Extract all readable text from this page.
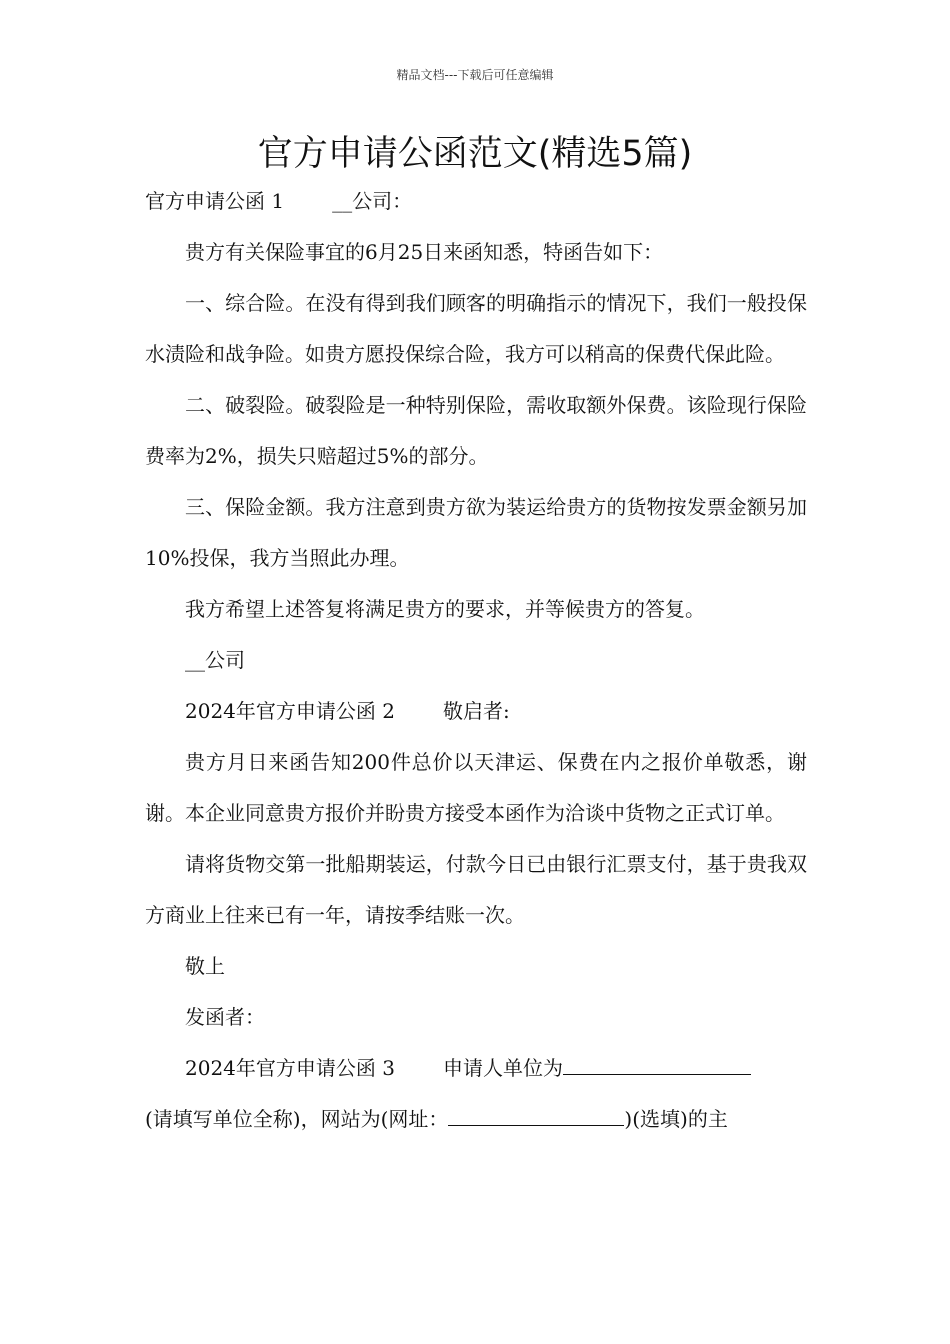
精品文档---下载后可任意编辑
官方申请公函范文(精选5篇)

官方申请公函 1 __公司：

贵方有关保险事宜的6月25日来函知悉，特函告如下：

一、综合险。在没有得到我们顾客的明确指示的情况下，我们一般投保水渍险和战争险。如贵方愿投保综合险，我方可以稍高的保费代保此险。

二、破裂险。破裂险是一种特别保险，需收取额外保费。该险现行保险费率为2%，损失只赔超过5%的部分。

三、保险金额。我方注意到贵方欲为装运给贵方的货物按发票金额另加10%投保，我方当照此办理。

我方希望上述答复将满足贵方的要求，并等候贵方的答复。

__公司

2024年官方申请公函 2 敬启者:

贵方月日来函告知200件总价以天津运、保费在内之报价单敬悉，谢谢。本企业同意贵方报价并盼贵方接受本函作为洽谈中货物之正式订单。

请将货物交第一批船期装运，付款今日已由银行汇票支付，基于贵我双方商业上往来已有一年，请按季结账一次。

敬上

发函者：

2024年官方申请公函 3 申请人单位为

(请填写单位全称)，网站为(网址：	)(选填)的主
